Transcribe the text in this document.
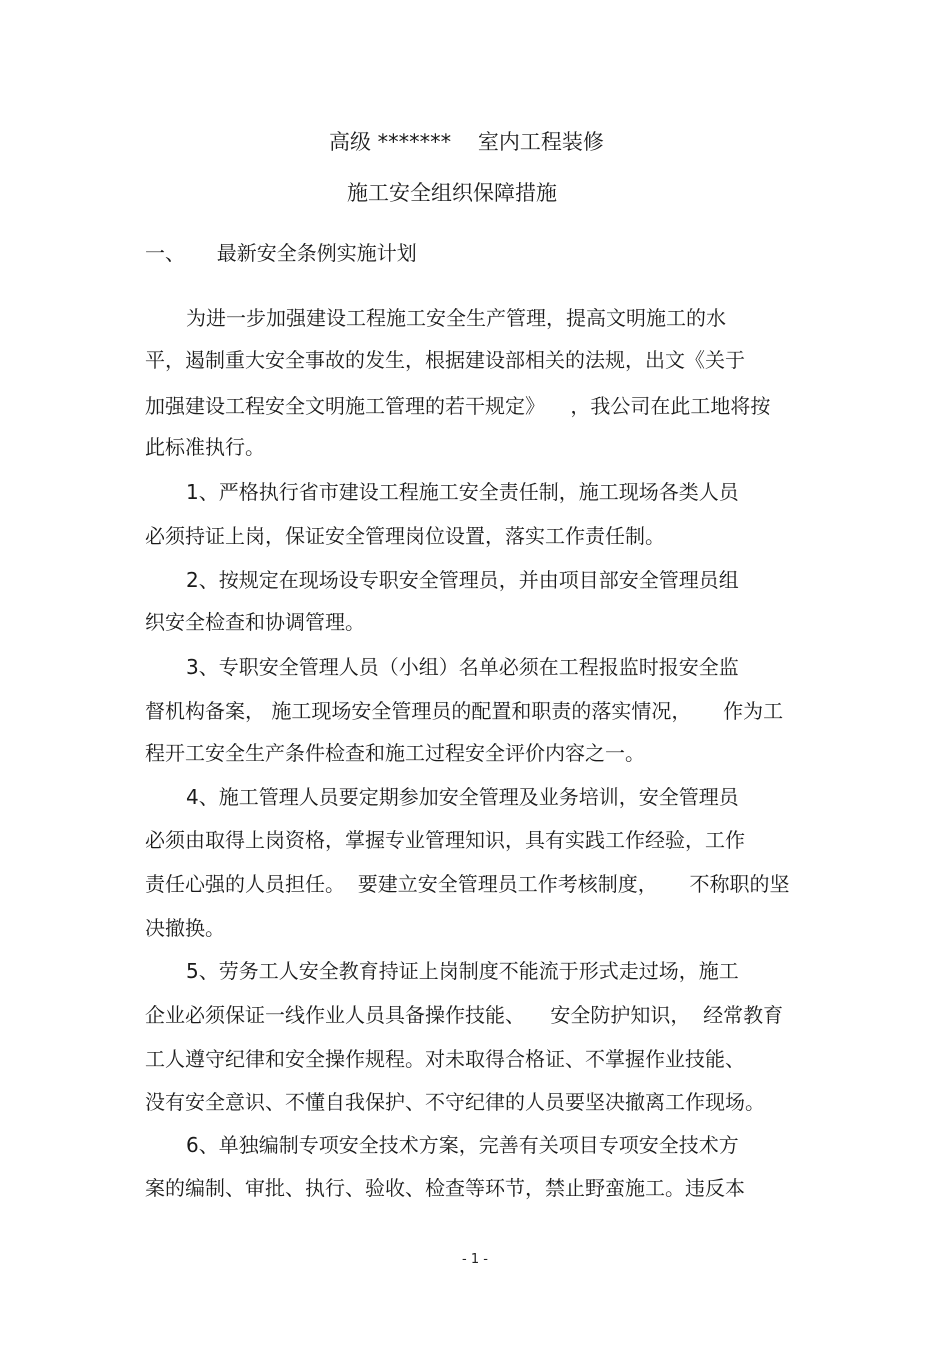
高级 *******    室内工程装修
施工安全组织保障措施
一、     最新安全条例实施计划
为进一步加强建设工程施工安全生产管理，提高文明施工的水
平，遏制重大安全事故的发生，根据建设部相关的法规，出文《关于
加强建设工程安全文明施工管理的若干规定》    ，我公司在此工地将按
此标准执行。
1、严格执行省市建设工程施工安全责任制，施工现场各类人员
必须持证上岗，保证安全管理岗位设置，落实工作责任制。
2、按规定在现场设专职安全管理员，并由项目部安全管理员组
织安全检查和协调管理。
3、专职安全管理人员（小组）名单必须在工程报监时报安全监
督机构备案， 施工现场安全管理员的配置和职责的落实情况，     作为工
程开工安全生产条件检查和施工过程安全评价内容之一。
4、施工管理人员要定期参加安全管理及业务培训，安全管理员
必须由取得上岗资格，掌握专业管理知识，具有实践工作经验，工作
责任心强的人员担任。  要建立安全管理员工作考核制度，     不称职的坚
决撤换。
5、劳务工人安全教育持证上岗制度不能流于形式走过场，施工
企业必须保证一线作业人员具备操作技能、    安全防护知识，  经常教育
工人遵守纪律和安全操作规程。对未取得合格证、不掌握作业技能、
没有安全意识、不懂自我保护、不守纪律的人员要坚决撤离工作现场。
6、单独编制专项安全技术方案，完善有关项目专项安全技术方
案的编制、审批、执行、验收、检查等环节，禁止野蛮施工。违反本
- 1 -
